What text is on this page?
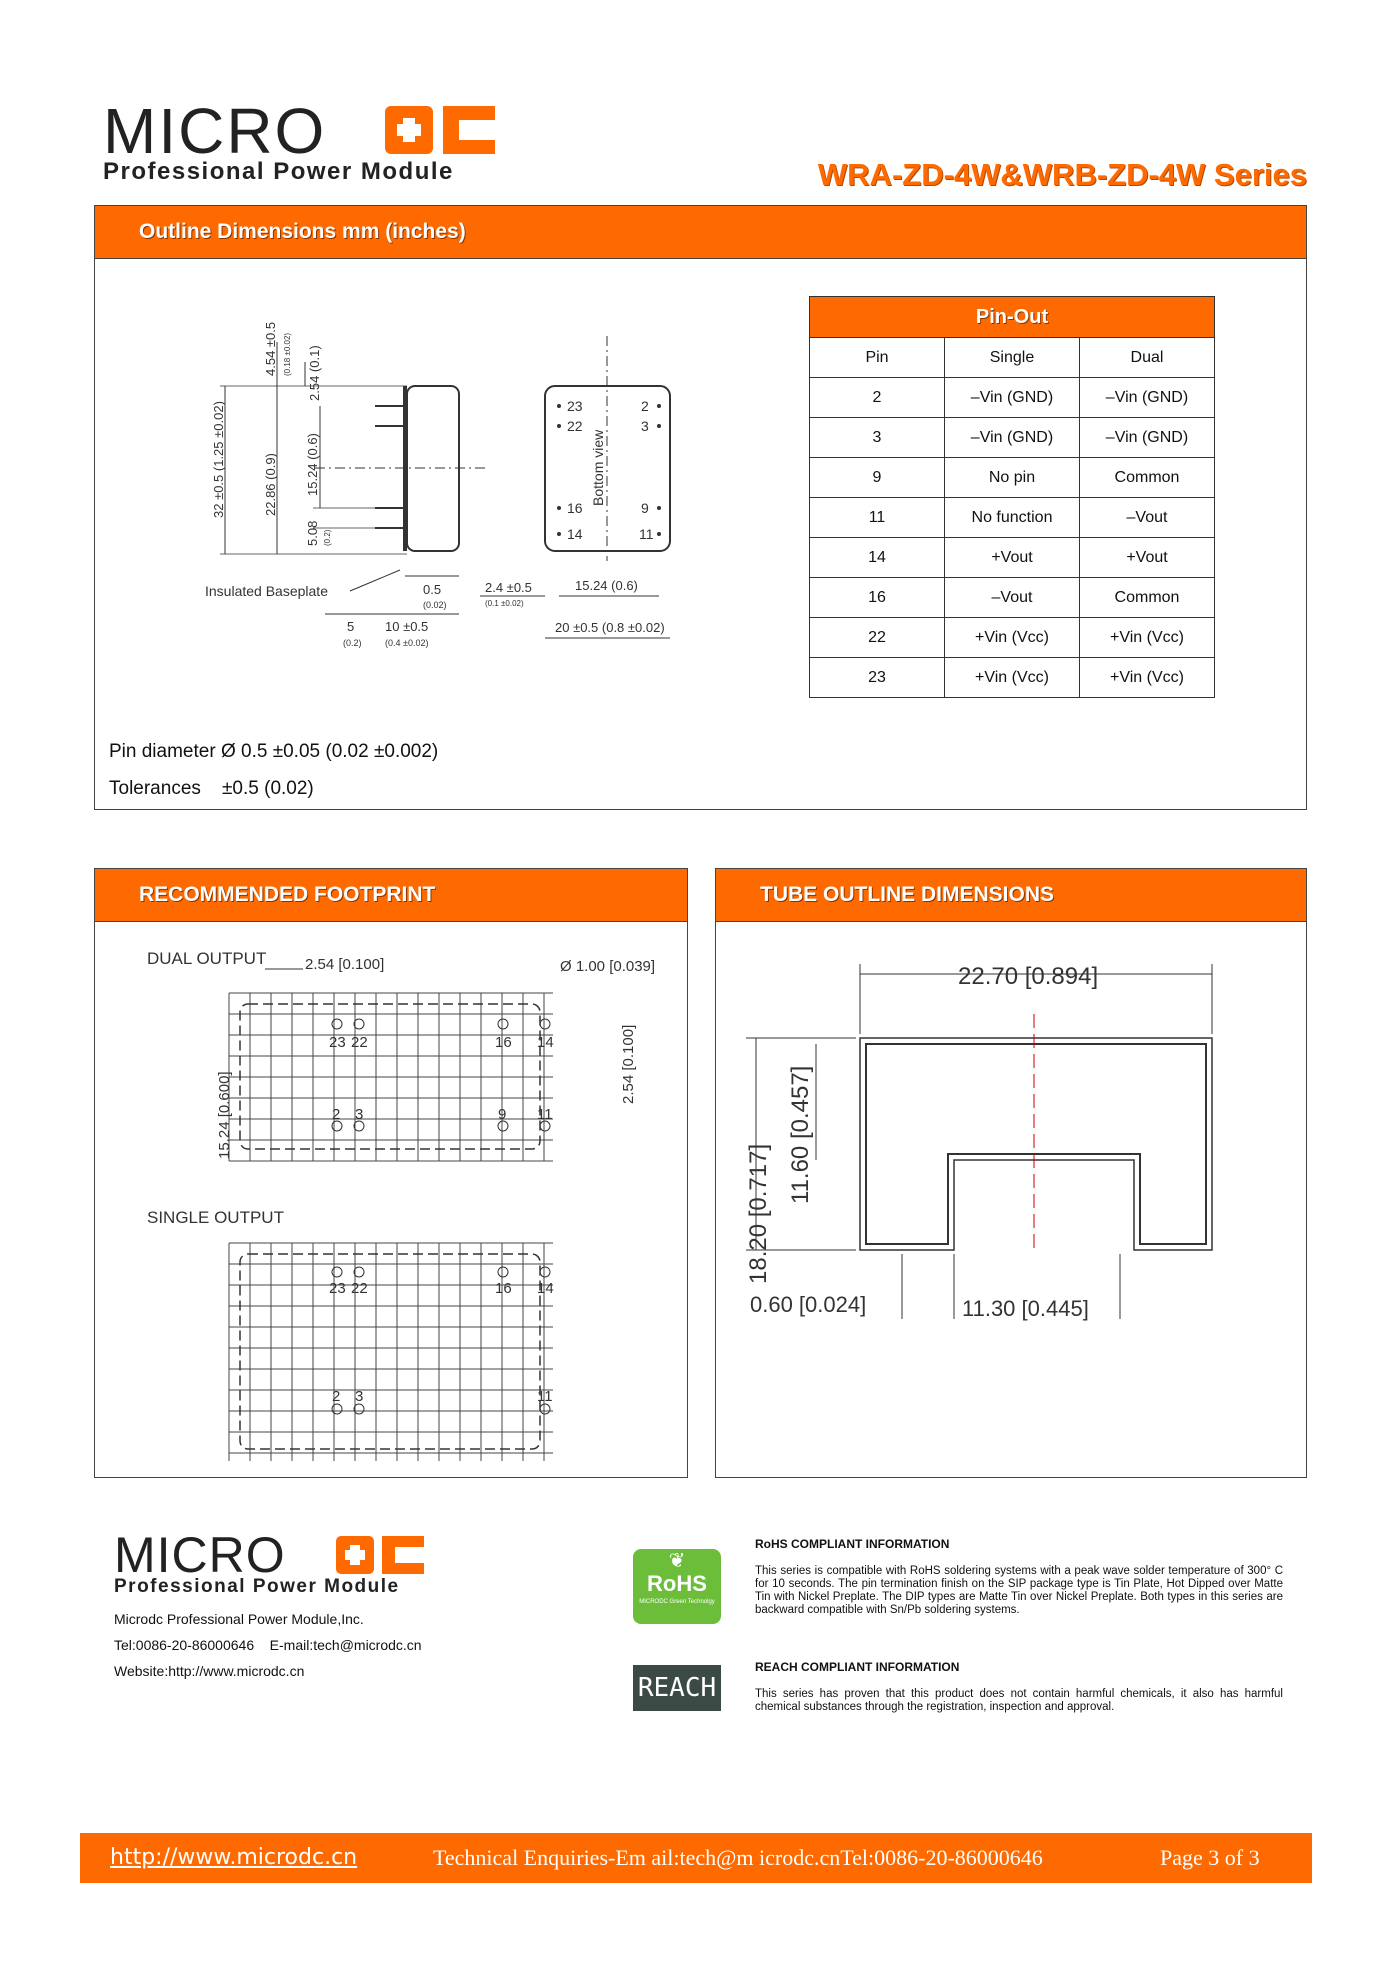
MICRO
Professional Power Module	WRA-ZD-4W&WRB-ZD-4W Series
Outline Dimensions mm (inches)
4.54 ±0.5 (0.18 ±0.02) 2.54 (0.1)
32 ±0.5 (1.25 ±0.02)	22.86 (0.9) 15.24 (0.6)
5.08 (0.2)
Insulated Baseplate	0.5
(0.02)
5
(0.2)
10 ±0.5
(0.4 ±0.02)
Bottom view
23
22
16
14
2
3
9
11
2.4 ±0.5
(0.1 ±0.02)
15.24 (0.6)
20 ±0.5 (0.8 ±0.02)
Pin-Out		
Pin	Single	Dual
2	–Vin (GND)	–Vin (GND)
3	–Vin (GND)	–Vin (GND)
9	No pin	Common
11	No function	–Vout
14	+Vout	+Vout
16	–Vout	Common
22	+Vin (Vcc)	+Vin (Vcc)
23	+Vin (Vcc)	+Vin (Vcc)
Pin diameter Ø 0.5 ±0.05 (0.02 ±0.002)
Tolerances    ±0.5 (0.02)
RECOMMENDED FOOTPRINT
DUAL OUTPUT	2.54 [0.100]	Ø 1.00 [0.039]
15.24 [0.600]
2.54 [0.100]
23 22	16 14
2 3	9 11
SINGLE OUTPUT
23 22	16 14
2 3	11
TUBE OUTLINE DIMENSIONS
22.70 [0.894]
18.20 [0.717]
11.60 [0.457]
0.60 [0.024]	11.30 [0.445]
MICRO
Professional Power Module
Microdc Professional Power Module,Inc.
Tel:0086-20-86000646    E-mail:tech@microdc.cn
Website:http://www.microdc.cn
❦
RoHS
MICRODC Green Technolgy
REACH
RoHS COMPLIANT INFORMATION
This series is compatible with RoHS soldering systems with a peak wave solder temperature of 300° C for 10 seconds. The pin termination finish on the SIP package type is Tin Plate, Hot Dipped over Matte Tin with Nickel Preplate. The DIP types are Matte Tin over Nickel Preplate. Both types in this series are backward compatible with Sn/Pb soldering systems.
REACH COMPLIANT INFORMATION
This series has proven that this product does not contain harmful chemicals, it also has harmful chemical substances through the registration, inspection and approval.
http://www.microdc.cn	Technical Enquiries-Em ail:tech@m icrodc.cnTel:0086-20-86000646	Page 3 of 3
